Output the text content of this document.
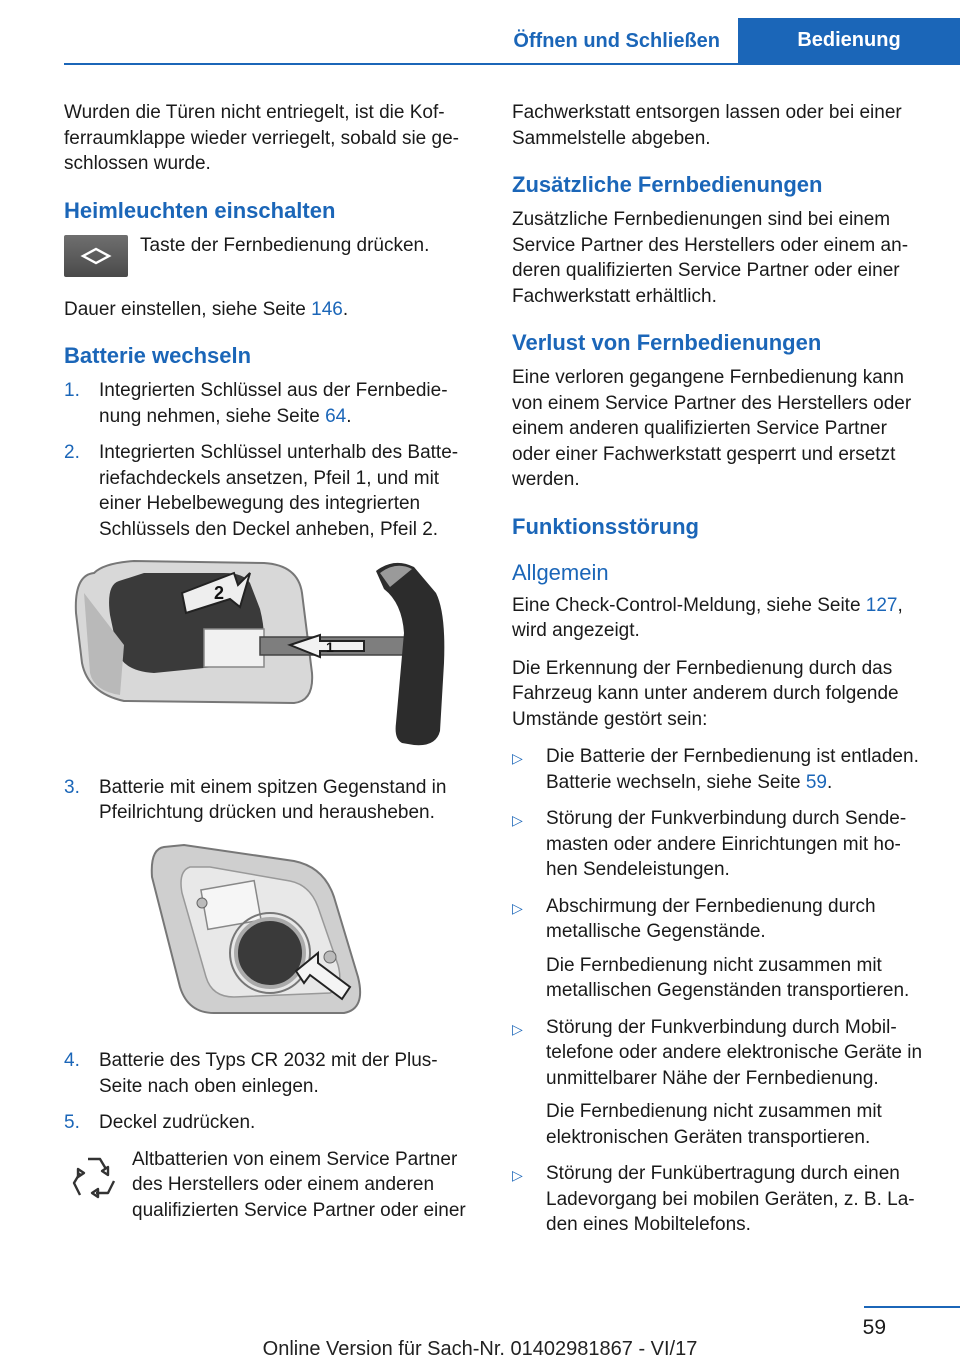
Öffnen und Schließen	Bedienung

Wurden die Türen nicht entriegelt, ist die Kofferraumklappe wieder verriegelt, sobald sie geschlossen wurde.

Heimleuchten einschalten
Taste der Fernbedienung drücken.

Dauer einstellen, siehe Seite 146.

Batterie wechseln
1.	Integrierten Schlüssel aus der Fernbedienung nehmen, siehe Seite 64.
2.	Integrierten Schlüssel unterhalb des Batteriefachdeckels ansetzen, Pfeil 1, und mit einer Hebelbewegung des integrierten Schlüssels den Deckel anheben, Pfeil 2.
2
1
3.	Batterie mit einem spitzen Gegenstand in Pfeilrichtung drücken und herausheben.
4.	Batterie des Typs CR 2032 mit der Plus-Seite nach oben einlegen.
5.	Deckel zudrücken.
Altbatterien von einem Service Partner des Herstellers oder einem anderen qualifizierten Service Partner oder einer

Fachwerkstatt entsorgen lassen oder bei einer Sammelstelle abgeben.

Zusätzliche Fernbedienungen

Zusätzliche Fernbedienungen sind bei einem Service Partner des Herstellers oder einem anderen qualifizierten Service Partner oder einer Fachwerkstatt erhältlich.

Verlust von Fernbedienungen

Eine verloren gegangene Fernbedienung kann von einem Service Partner des Herstellers oder einem anderen qualifizierten Service Partner oder einer Fachwerkstatt gesperrt und ersetzt werden.

Funktionsstörung
Allgemein

Eine Check-Control-Meldung, siehe Seite 127, wird angezeigt.

Die Erkennung der Fernbedienung durch das Fahrzeug kann unter anderem durch folgende Umstände gestört sein:

▷	Die Batterie der Fernbedienung ist entladen. Batterie wechseln, siehe Seite 59.
▷	Störung der Funkverbindung durch Sendemasten oder andere Einrichtungen mit hohen Sendeleistungen.
▷	Abschirmung der Fernbedienung durch metallische Gegenstände.
Die Fernbedienung nicht zusammen mit metallischen Gegenständen transportieren.
▷	Störung der Funkverbindung durch Mobiltelefone oder andere elektronische Geräte in unmittelbarer Nähe der Fernbedienung.
Die Fernbedienung nicht zusammen mit elektronischen Geräten transportieren.
▷	Störung der Funkübertragung durch einen Ladevorgang bei mobilen Geräten, z. B. Laden eines Mobiltelefons.
59
Online Version für Sach-Nr. 01402981867 - VI/17
